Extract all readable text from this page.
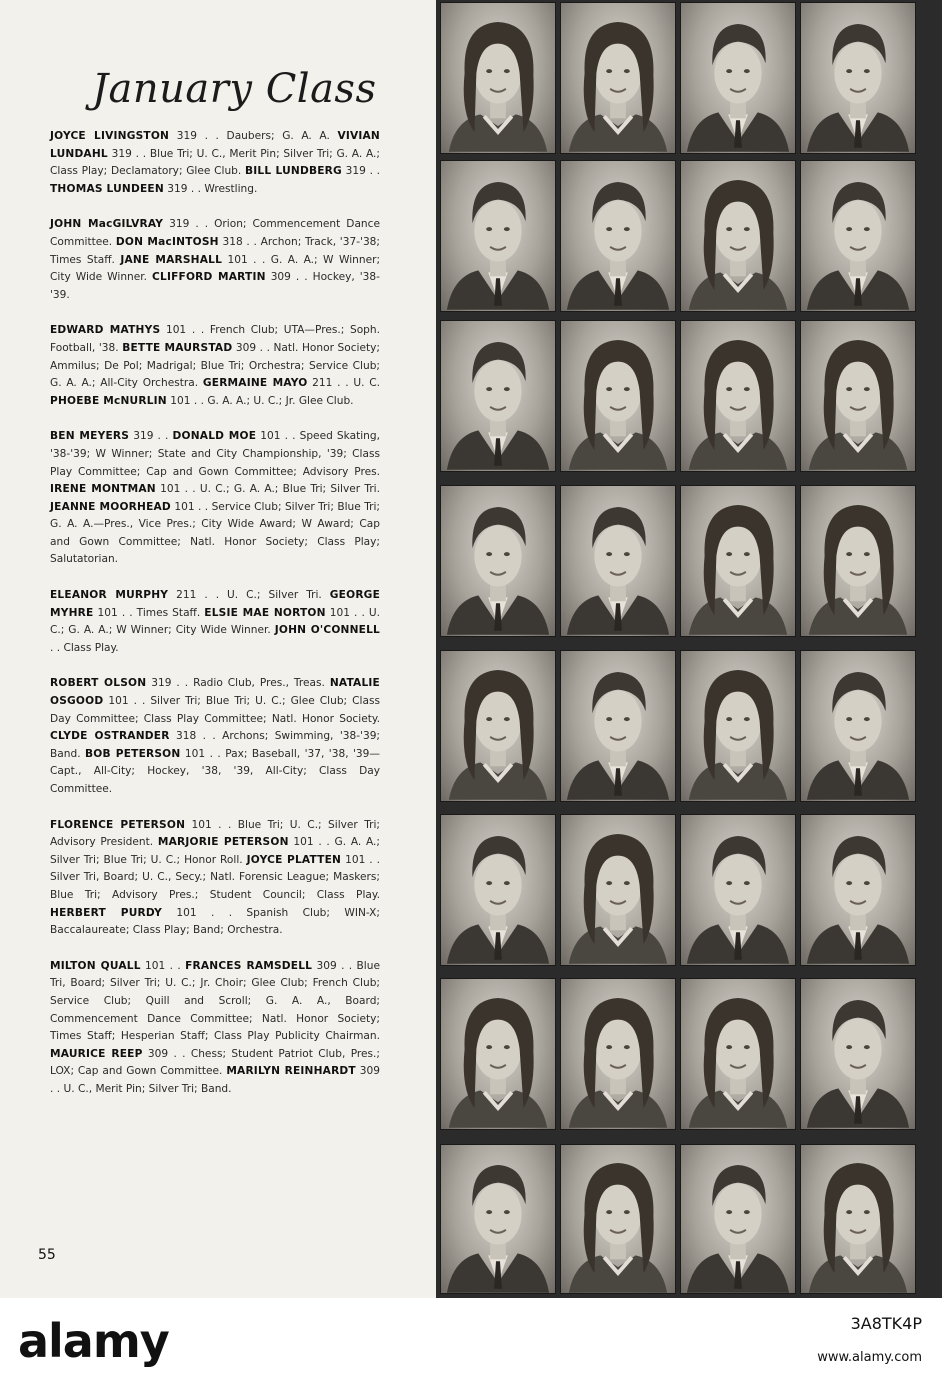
January Class

JOYCE LIVINGSTON 319 . . Daubers; G. A. A. VIVIAN LUNDAHL 319 . . Blue Tri; U. C., Merit Pin; Silver Tri; G. A. A.; Class Play; Declamatory; Glee Club. BILL LUNDBERG 319 . . THOMAS LUNDEEN 319 . . Wrestling.

JOHN MacGILVRAY 319 . . Orion; Commencement Dance Committee. DON MacINTOSH 318 . . Archon; Track, '37-'38; Times Staff. JANE MARSHALL 101 . . G. A. A.; W Winner; City Wide Winner. CLIFFORD MARTIN 309 . . Hockey, '38-'39.

EDWARD MATHYS 101 . . French Club; UTA—Pres.; Soph. Football, '38. BETTE MAURSTAD 309 . . Natl. Honor Society; Ammilus; De Pol; Madrigal; Blue Tri; Orchestra; Service Club; G. A. A.; All-City Orchestra. GERMAINE MAYO 211 . . U. C. PHOEBE McNURLIN 101 . . G. A. A.; U. C.; Jr. Glee Club.

BEN MEYERS 319 . . DONALD MOE 101 . . Speed Skating, '38-'39; W Winner; State and City Championship, '39; Class Play Committee; Cap and Gown Committee; Advisory Pres. IRENE MONTMAN 101 . . U. C.; G. A. A.; Blue Tri; Silver Tri. JEANNE MOORHEAD 101 . . Service Club; Silver Tri; Blue Tri; G. A. A.—Pres., Vice Pres.; City Wide Award; W Award; Cap and Gown Committee; Natl. Honor Society; Class Play; Salutatorian.

ELEANOR MURPHY 211 . . U. C.; Silver Tri. GEORGE MYHRE 101 . . Times Staff. ELSIE MAE NORTON 101 . . U. C.; G. A. A.; W Winner; City Wide Winner. JOHN O'CONNELL . . Class Play.

ROBERT OLSON 319 . . Radio Club, Pres., Treas. NATALIE OSGOOD 101 . . Silver Tri; Blue Tri; U. C.; Glee Club; Class Day Committee; Class Play Committee; Natl. Honor Society. CLYDE OSTRANDER 318 . . Archons; Swimming, '38-'39; Band. BOB PETERSON 101 . . Pax; Baseball, '37, '38, '39—Capt., All-City; Hockey, '38, '39, All-City; Class Day Committee.

FLORENCE PETERSON 101 . . Blue Tri; U. C.; Silver Tri; Advisory President. MARJORIE PETERSON 101 . . G. A. A.; Silver Tri; Blue Tri; U. C.; Honor Roll. JOYCE PLATTEN 101 . . Silver Tri, Board; U. C., Secy.; Natl. Forensic League; Maskers; Blue Tri; Advisory Pres.; Student Council; Class Play. HERBERT PURDY 101 . . Spanish Club; WIN-X; Baccalaureate; Class Play; Band; Orchestra.

MILTON QUALL 101 . . FRANCES RAMSDELL 309 . . Blue Tri, Board; Silver Tri; U. C.; Jr. Choir; Glee Club; French Club; Service Club; Quill and Scroll; G. A. A., Board; Commencement Dance Committee; Natl. Honor Society; Times Staff; Hesperian Staff; Class Play Publicity Chairman. MAURICE REEP 309 . . Chess; Student Patriot Club, Pres.; LOX; Cap and Gown Committee. MARILYN REINHARDT 309 . . U. C., Merit Pin; Silver Tri; Band.

55
alamy	3A8TK4P
www.alamy.com
